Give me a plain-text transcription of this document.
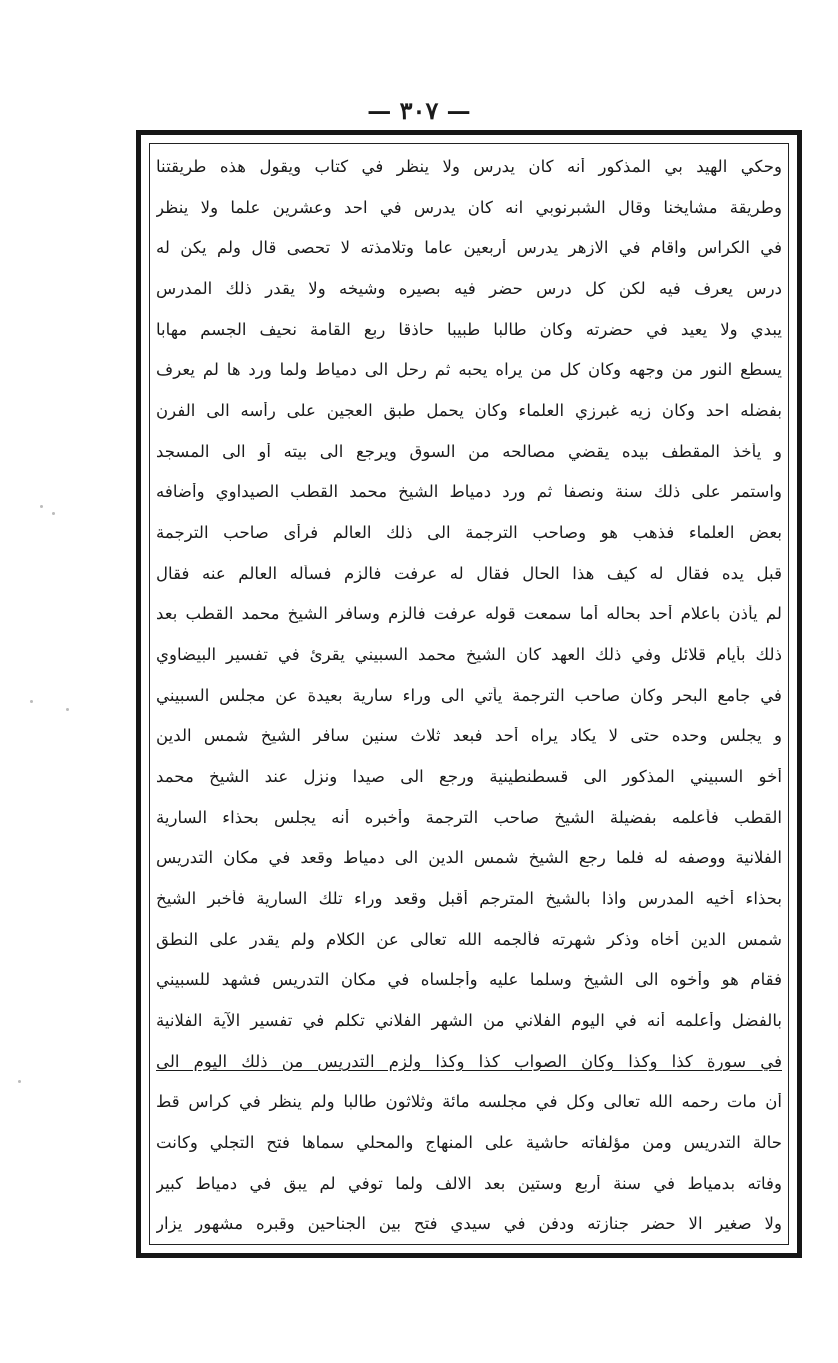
— ٣٠٧ —
وحكي الهيد بي المذكور أنه كان يدرس ولا ينظر في كتاب ويقول هذه طريقتنا
وطريقة مشايخنا وقال الشبرنوبي انه كان يدرس في احد وعشرين علما ولا ينظر
في الكراس واقام في الازهر يدرس أربعين عاما وتلامذته لا تحصى قال ولم يكن له
درس يعرف فيه لكن كل درس حضر فيه بصيره وشيخه ولا يقدر ذلك المدرس
يبدي ولا يعيد في حضرته وكان طالبا طبيبا حاذقا ربع القامة نحيف الجسم مهابا
يسطع النور من وجهه وكان كل من يراه يحبه ثم رحل الى دمياط ولما ورد ها لم يعرف
بفضله احد وكان زيه غبرزي العلماء وكان يحمل طبق العجين على رأسه الى الفرن
و يأخذ المقطف بيده يقضي مصالحه من السوق ويرجع الى بيته أو الى المسجد
واستمر على ذلك سنة ونصفا ثم ورد دمياط الشيخ محمد القطب الصيداوي وأضافه
بعض العلماء فذهب هو وصاحب الترجمة الى ذلك العالم فرأى صاحب الترجمة
قبل يده فقال له كيف هذا الحال فقال له عرفت فالزم فسأله العالم عنه فقال
لم يأذن باعلام أحد بحاله أما سمعت قوله عرفت فالزم وسافر الشيخ محمد القطب بعد
ذلك بأيام قلائل وفي ذلك العهد كان الشيخ محمد السبيني يقرئ في تفسير البيضاوي
في جامع البحر وكان صاحب الترجمة يأتي الى وراء سارية بعيدة عن مجلس السبيني
و يجلس وحده حتى لا يكاد يراه أحد فبعد ثلاث سنين سافر الشيخ شمس الدين
أخو السبيني المذكور الى قسطنطينية ورجع الى صيدا ونزل عند الشيخ محمد
القطب فأعلمه بفضيلة الشيخ صاحب الترجمة وأخبره أنه يجلس بحذاء السارية
الفلانية ووصفه له فلما رجع الشيخ شمس الدين الى دمياط وقعد في مكان التدريس
بحذاء أخيه المدرس واذا بالشيخ المترجم أقبل وقعد وراء تلك السارية فأخبر الشيخ
شمس الدين أخاه وذكر شهرته فألجمه الله تعالى عن الكلام ولم يقدر على النطق
فقام هو وأخوه الى الشيخ وسلما عليه وأجلساه في مكان التدريس فشهد للسبيني
بالفضل وأعلمه أنه في اليوم الفلاني من الشهر الفلاني تكلم في تفسير الآية الفلانية
في سورة كذا وكذا وكان الصواب كذا وكذا ولزم التدريس من ذلك اليوم الى
أن مات رحمه الله تعالى وكل في مجلسه مائة وثلاثون طالبا ولم ينظر في كراس قط
حالة التدريس ومن مؤلفاته حاشية على المنهاج والمحلي سماها فتح التجلي وكانت
وفاته بدمياط في سنة أربع وستين بعد الالف ولما توفي لم يبق في دمياط كبير
ولا صغير الا حضر جنازته ودفن في سيدي فتح بين الجناحين وقبره مشهور يزار
